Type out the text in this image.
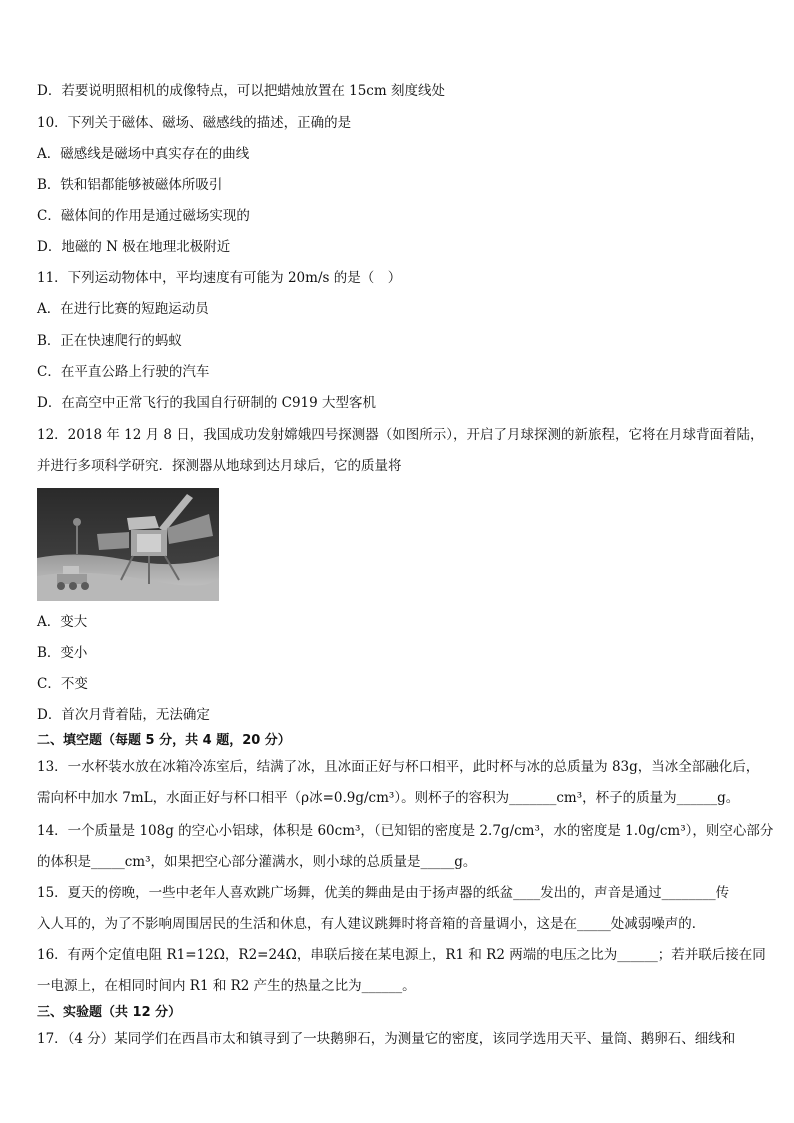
D．若要说明照相机的成像特点，可以把蜡烛放置在 15cm 刻度线处
10．下列关于磁体、磁场、磁感线的描述，正确的是
A．磁感线是磁场中真实存在的曲线
B．铁和铝都能够被磁体所吸引
C．磁体间的作用是通过磁场实现的
D．地磁的 N 极在地理北极附近
11．下列运动物体中，平均速度有可能为 20m/s 的是（　）
A．在进行比赛的短跑运动员
B．正在快速爬行的蚂蚁
C．在平直公路上行驶的汽车
D．在高空中正常飞行的我国自行研制的 C919 大型客机
12．2018 年 12 月 8 日，我国成功发射嫦娥四号探测器（如图所示），开启了月球探测的新旅程，它将在月球背面着陆，
并进行多项科学研究．探测器从地球到达月球后，它的质量将
A．变大
B．变小
C．不变
D．首次月背着陆，无法确定
二、填空题（每题 5 分，共 4 题，20 分）
13．一水杯装水放在冰箱冷冻室后，结满了冰，且冰面正好与杯口相平，此时杯与冰的总质量为 83g，当冰全部融化后，
需向杯中加水 7mL，水面正好与杯口相平（ρ冰=0.9g/cm³）。则杯子的容积为_______cm³，杯子的质量为______g。
14．一个质量是 108g 的空心小铝球，体积是 60cm³，（已知铝的密度是 2.7g/cm³，水的密度是 1.0g/cm³），则空心部分
的体积是_____cm³，如果把空心部分灌满水，则小球的总质量是_____g。
15．夏天的傍晚，一些中老年人喜欢跳广场舞，优美的舞曲是由于扬声器的纸盆____发出的，声音是通过________传
入人耳的，为了不影响周围居民的生活和休息，有人建议跳舞时将音箱的音量调小，这是在_____处减弱噪声的．
16．有两个定值电阻 R1=12Ω，R2=24Ω，串联后接在某电源上，R1 和 R2 两端的电压之比为______；若并联后接在同
一电源上，在相同时间内 R1 和 R2 产生的热量之比为______。
三、实验题（共 12 分）
17．（4 分）某同学们在西昌市太和镇寻到了一块鹅卵石，为测量它的密度，该同学选用天平、量筒、鹅卵石、细线和
